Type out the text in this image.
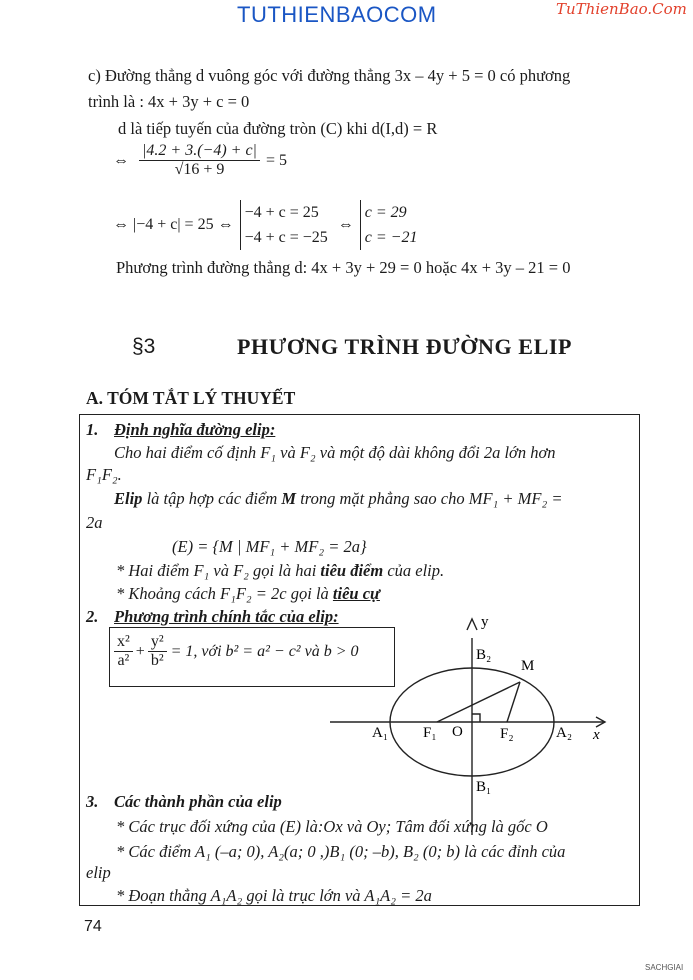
TUTHIENBAOCOM	TuThienBao.Com
c) Đường thẳng d vuông góc với đường thẳng 3x – 4y + 5 = 0 có phương
trình là : 4x + 3y + c = 0
d là tiếp tuyến của đường tròn (C) khi d(I,d) = R
⇔ $\frac{|4.2 + 3.(-4) + c|}{√16 + 9} = 5$
⇔ |−4 + c| = 25 ⇔
−4 + c = 25
−4 + c = −25
⇔
c = 29
c = −21
Phương trình đường thẳng d: 4x + 3y + 29 = 0 hoặc 4x + 3y – 21 = 0
§3	PHƯƠNG TRÌNH ĐƯỜNG ELIP
A. TÓM TẮT LÝ THUYẾT
1. Định nghĩa đường elip:
Cho hai điểm cố định F₁ và F₂ và một độ dài không đổi 2a lớn hơn
F₁F₂.
Elip là tập hợp các điểm M trong mặt phẳng sao cho MF₁ + MF₂ =
2a
(E) = {M | MF₁ + MF₂ = 2a}
* Hai điểm F₁ và F₂ gọi là hai tiêu điểm của elip.
* Khoảng cách F₁F₂ = 2c gọi là tiêu cự
2. Phương trình chính tắc của elip:
$\frac{\text{x²}}{\text{a²}} + \frac{\text{y²}}{\text{b²}} = 1$, với b² = a² − c² và b > 0
y
x
B₂
B₁
M
A₁	A₂
F₁	F₂
O
3. Các thành phần của elip
* Các trục đối xứng của (E) là:Ox và Oy; Tâm đối xứng là gốc O
* Các điểm A₁ (–a; 0), A₂(a; 0 ,)B₁ (0; –b), B₂ (0; b) là các đỉnh của
elip
* Đoạn thẳng A₁A₂ gọi là trục lớn và A₁A₂ = 2a
74
SACHGIAI
